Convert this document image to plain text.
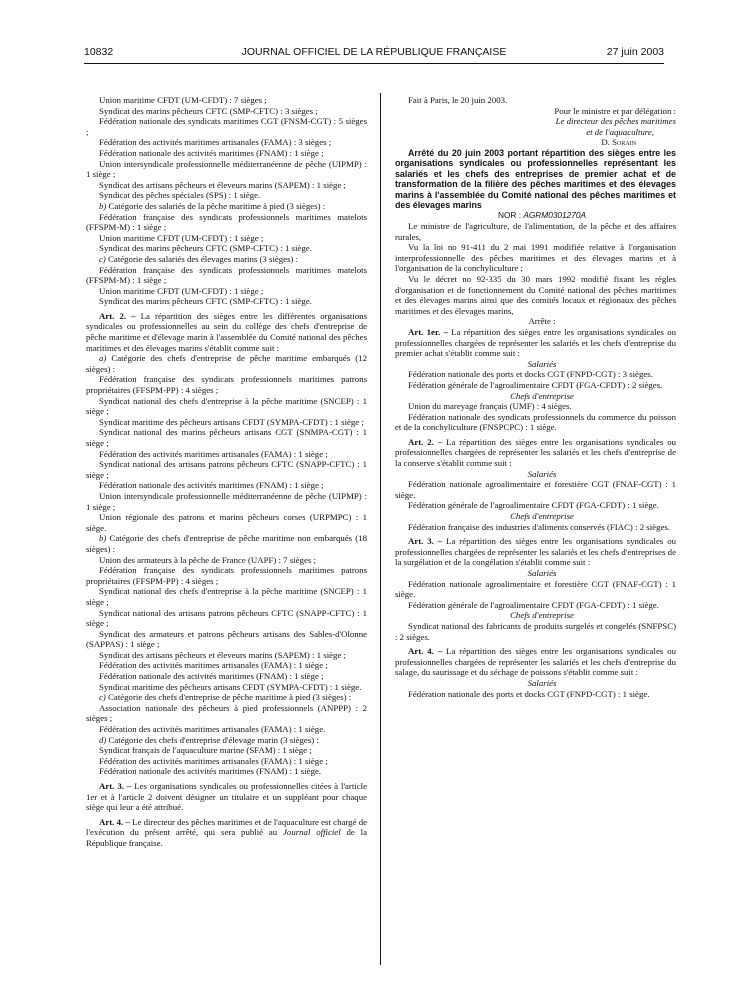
10832	JOURNAL OFFICIEL DE LA RÉPUBLIQUE FRANÇAISE	27 juin 2003

Union maritime CFDT (UM-CFDT) : 7 sièges ;

Syndicat des marins pêcheurs CFTC (SMP-CFTC) : 3 sièges ;

Fédération nationale des syndicats maritimes CGT (FNSM-CGT) : 5 sièges ;

Fédération des activités maritimes artisanales (FAMA) : 3 sièges ;

Fédération nationale des activités maritimes (FNAM) : 1 siège ;

Union intersyndicale professionnelle méditerranéenne de pêche (UIPMP) : 1 siège ;

Syndicat des artisans pêcheurs et éleveurs marins (SAPEM) : 1 siège ;

Syndicat des pêches spéciales (SPS) : 1 siège.

b) Catégorie des salariés de la pêche maritime à pied (3 sièges) :

Fédération française des syndicats professionnels maritimes matelots (FFSPM-M) : 1 siège ;

Union maritime CFDT (UM-CFDT) : 1 siège ;

Syndicat des marins pêcheurs CFTC (SMP-CFTC) : 1 siège.

c) Catégorie des salariés des élevages marins (3 sièges) :

Fédération française des syndicats professionnels maritimes matelots (FFSPM-M) : 1 siège ;

Union maritime CFDT (UM-CFDT) : 1 siège ;

Syndicat des marins pêcheurs CFTC (SMP-CFTC) : 1 siège.

Art. 2. – La répartition des sièges entre les différentes organisations syndicales ou professionnelles au sein du collège des chefs d'entreprise de pêche maritime et d'élevage marin à l'assemblée du Comité national des pêches maritimes et des élevages marins s'établit comme suit :

a) Catégorie des chefs d'entreprise de pêche maritime embarqués (12 sièges) :

Fédération française des syndicats professionnels maritimes patrons propriétaires (FFSPM-PP) : 4 sièges ;

Syndicat national des chefs d'entreprise à la pêche maritime (SNCEP) : 1 siège ;

Syndicat maritime des pêcheurs artisans CFDT (SYMPA-CFDT) : 1 siège ;

Syndicat national des marins pêcheurs artisans CGT (SNMPA-CGT) : 1 siège ;

Fédération des activités maritimes artisanales (FAMA) : 1 siège ;

Syndicat national des artisans patrons pêcheurs CFTC (SNAPP-CFTC) : 1 siège ;

Fédération nationale des activités maritimes (FNAM) : 1 siège ;

Union intersyndicale professionnelle méditerranéenne de pêche (UIPMP) : 1 siège ;

Union régionale des patrons et marins pêcheurs corses (URPMPC) : 1 siège.

b) Catégorie des chefs d'entreprise de pêche maritime non embarqués (18 sièges) :

Union des armateurs à la pêche de France (UAPF) : 7 sièges ;

Fédération française des syndicats professionnels maritimes patrons propriétaires (FFSPM-PP) : 4 sièges ;

Syndicat national des chefs d'entreprise à la pêche maritime (SNCEP) : 1 siège ;

Syndicat national des artisans patrons pêcheurs CFTC (SNAPP-CFTC) : 1 siège ;

Syndicat des armateurs et patrons pêcheurs artisans des Sables-d'Olonne (SAPPAS) : 1 siège ;

Syndicat des artisans pêcheurs et éleveurs marins (SAPEM) : 1 siège ;

Fédération des activités maritimes artisanales (FAMA) : 1 siège ;

Fédération nationale des activités maritimes (FNAM) : 1 siège ;

Syndicat maritime des pêcheurs artisans CFDT (SYMPA-CFDT) : 1 siège.

c) Catégorie des chefs d'entreprise de pêche maritime à pied (3 sièges) :

Association nationale des pêcheurs à pied professionnels (ANPPP) : 2 sièges ;

Fédération des activités maritimes artisanales (FAMA) : 1 siège.

d) Catégorie des chefs d'entreprise d'élevage marin (3 sièges) :

Syndicat français de l'aquaculture marine (SFAM) : 1 siège ;

Fédération des activités maritimes artisanales (FAMA) : 1 siège ;

Fédération nationale des activités maritimes (FNAM) : 1 siège.

Art. 3. – Les organisations syndicales ou professionnelles citées à l'article 1er et à l'article 2 doivent désigner un titulaire et un suppléant pour chaque siège qui leur a été attribué.

Art. 4. – Le directeur des pêches maritimes et de l'aquaculture est chargé de l'exécution du présent arrêté, qui sera publié au Journal officiel de la République française.

Fait à Paris, le 20 juin 2003.

Pour le ministre et par délégation :
Le directeur des pêches maritimes
et de l'aquaculture,
D. Sorain

Arrêté du 20 juin 2003 portant répartition des sièges entre les organisations syndicales ou professionnelles représentant les salariés et les chefs des entreprises de premier achat et de transformation de la filière des pêches maritimes et des élevages marins à l'assemblée du Comité national des pêches maritimes et des élevages marins

NOR : AGRM0301270A

Le ministre de l'agriculture, de l'alimentation, de la pêche et des affaires rurales,

Vu la loi no 91-411 du 2 mai 1991 modifiée relative à l'organisation interprofessionnelle des pêches maritimes et des élevages marins et à l'organisation de la conchyliculture ;

Vu le décret no 92-335 du 30 mars 1992 modifié fixant les règles d'organisation et de fonctionnement du Comité national des pêches maritimes et des élevages marins ainsi que des comités locaux et régionaux des pêches maritimes et des élevages marins,

Arrête :

Art. 1er. – La répartition des sièges entre les organisations syndicales ou professionnelles chargées de représenter les salariés et les chefs d'entreprise du premier achat s'établit comme suit :

Salariés

Fédération nationale des ports et docks CGT (FNPD-CGT) : 3 sièges.

Fédération générale de l'agroalimentaire CFDT (FGA-CFDT) : 2 sièges.

Chefs d'entreprise

Union du mareyage français (UMF) : 4 sièges.

Fédération nationale des syndicats professionnels du commerce du poisson et de la conchyliculture (FNSPCPC) : 1 siège.

Art. 2. – La répartition des sièges entre les organisations syndicales ou professionnelles chargées de représenter les salariés et les chefs d'entreprise de la conserve s'établit comme suit :

Salariés

Fédération nationale agroalimentaire et forestière CGT (FNAF-CGT) : 1 siège.

Fédération générale de l'agroalimentaire CFDT (FGA-CFDT) : 1 siège.

Chefs d'entreprise

Fédération française des industries d'aliments conservés (FIAC) : 2 sièges.

Art. 3. – La répartition des sièges entre les organisations syndicales ou professionnelles chargées de représenter les salariés et les chefs d'entreprises de la surgélation et de la congélation s'établit comme suit :

Salariés

Fédération nationale agroalimentaire et forestière CGT (FNAF-CGT) : 1 siège.

Fédération générale de l'agroalimentaire CFDT (FGA-CFDT) : 1 siège.

Chefs d'entreprise

Syndicat national des fabricants de produits surgelés et congelés (SNFPSC) : 2 sièges.

Art. 4. – La répartition des sièges entre les organisations syndicales ou professionnelles chargées de représenter les salariés et les chefs d'entreprise du salage, du saurissage et du séchage de poissons s'établit comme suit :

Salariés

Fédération nationale des ports et docks CGT (FNPD-CGT) : 1 siège.
